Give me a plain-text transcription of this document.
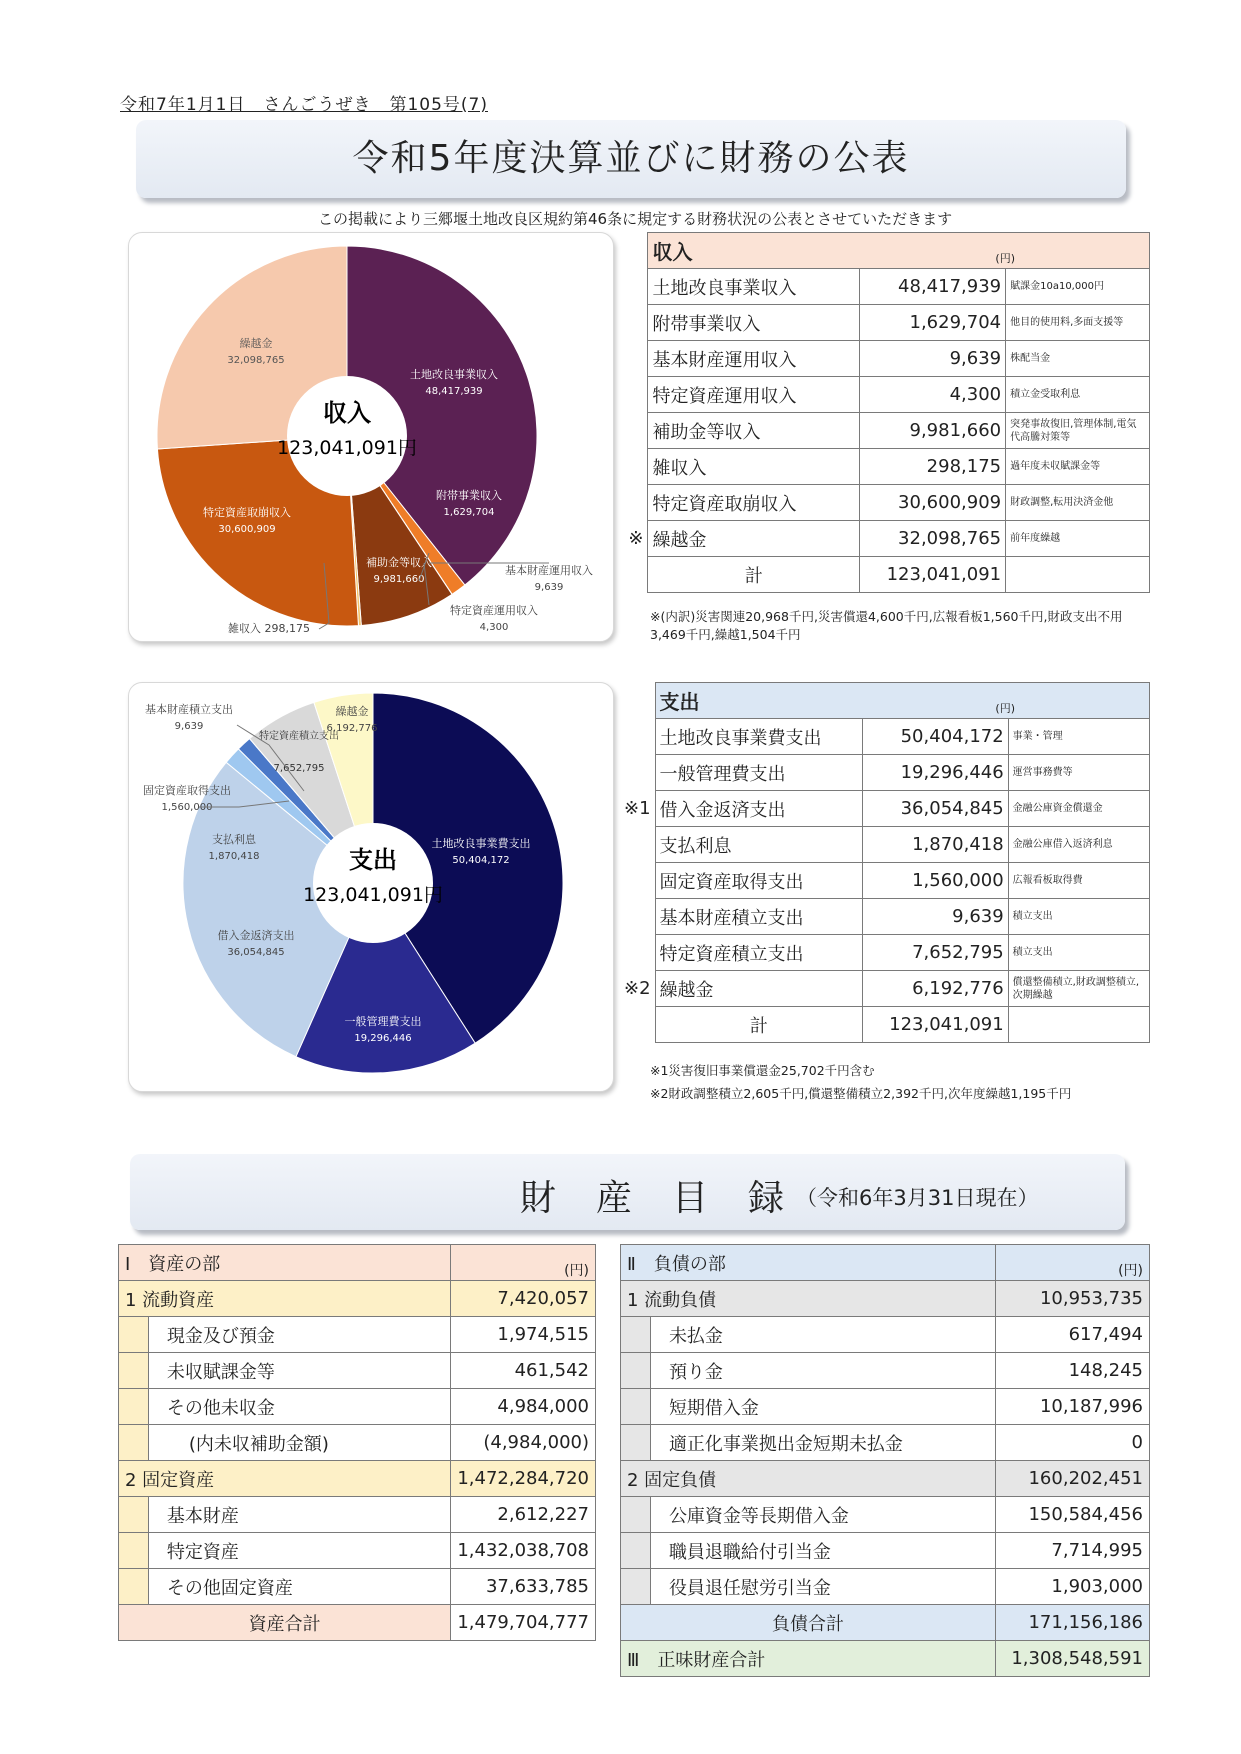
令和7年1月1日　さんごうぜき　第105号(7)
令和5年度決算並びに財務の公表
この掲載により三郷堰土地改良区規約第46条に規定する財務状況の公表とさせていただきます
収入
123,041,091円
繰越金
32,098,765
土地改良事業収入
48,417,939
附帯事業収入
1,629,704
特定資産取崩収入
30,600,909
補助金等収入
9,981,660
基本財産運用収入
9,639
特定資産運用収入
4,300
雑収入 298,175
	収入 (円)		

	土地改良事業収入	48,417,939	賦課金10a10,000円
	附帯事業収入	1,629,704	他目的使用料,多面支援等
	基本財産運用収入	9,639	株配当金
	特定資産運用収入	4,300	積立金受取利息
	補助金等収入	9,981,660	突発事故復旧,管理体制,電気代高騰対策等
	雑収入	298,175	過年度未収賦課金等
	特定資産取崩収入	30,600,909	財政調整,転用決済金他
※	繰越金	32,098,765	前年度繰越
	計	123,041,091	
※(内訳)災害関連20,968千円,災害償還4,600千円,広報看板1,560千円,財政支出不用3,469千円,繰越1,504千円
支出
123,041,091円
土地改良事業費支出
50,404,172
一般管理費支出
19,296,446
借入金返済支出
36,054,845
支払利息
1,870,418
固定資産取得支出
1,560,000
基本財産積立支出
9,639
特定資産積立支出
7,652,795
繰越金
6,192,776
	支出 (円)		

	土地改良事業費支出	50,404,172	事業・管理
	一般管理費支出	19,296,446	運営事務費等
※1	借入金返済支出	36,054,845	金融公庫資金償還金
	支払利息	1,870,418	金融公庫借入返済利息
	固定資産取得支出	1,560,000	広報看板取得費
	基本財産積立支出	9,639	積立支出
	特定資産積立支出	7,652,795	積立支出
※2	繰越金	6,192,776	償還整備積立,財政調整積立,次期繰越
	計	123,041,091	
※1災害復旧事業償還金25,702千円含む
※2財政調整積立2,605千円,償還整備積立2,392千円,次年度繰越1,195千円
財　産　目　録 （令和6年3月31日現在）
Ⅰ　資産の部		(円)
1 流動資産		7,420,057
	現金及び預金	1,974,515
	未収賦課金等	461,542
	その他未収金	4,984,000
	(内未収補助金額)	(4,984,000)
2 固定資産		1,472,284,720
	基本財産	2,612,227
	特定資産	1,432,038,708
	その他固定資産	37,633,785
資産合計		1,479,704,777
Ⅱ　負債の部		(円)
1 流動負債		10,953,735
	未払金	617,494
	預り金	148,245
	短期借入金	10,187,996
	適正化事業拠出金短期未払金	0
2 固定負債		160,202,451
	公庫資金等長期借入金	150,584,456
	職員退職給付引当金	7,714,995
	役員退任慰労引当金	1,903,000
負債合計		171,156,186
Ⅲ　正味財産合計		1,308,548,591
